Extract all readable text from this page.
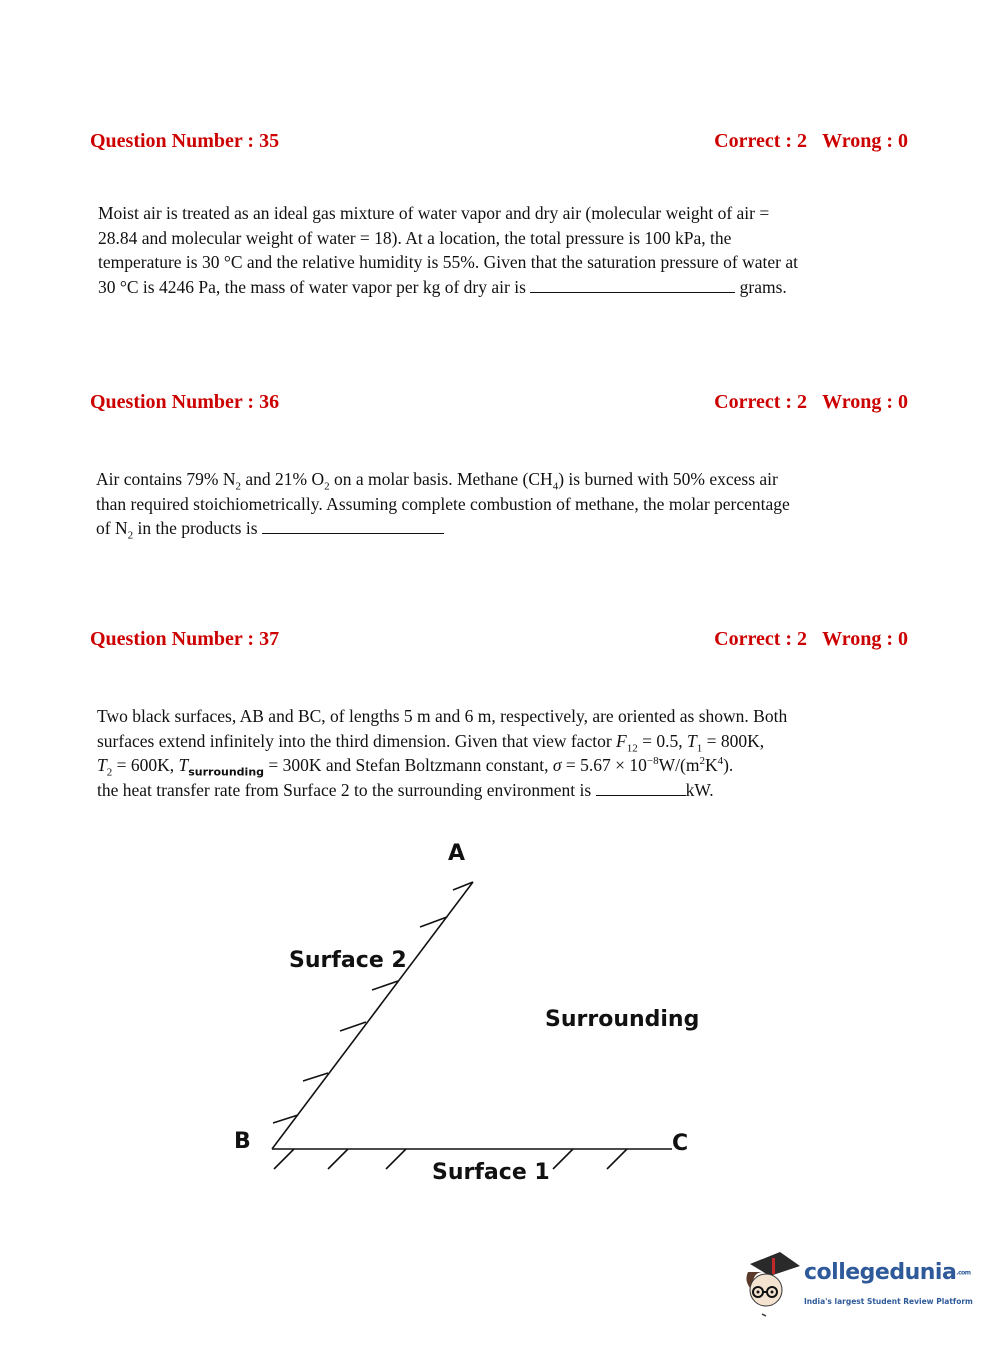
Question Number : 35	Correct : 2 Wrong : 0
Moist air is treated as an ideal gas mixture of water vapor and dry air (molecular weight of air =
28.84 and molecular weight of water = 18). At a location, the total pressure is 100 kPa, the
temperature is 30 °C and the relative humidity is 55%. Given that the saturation pressure of water at
30 °C is 4246 Pa, the mass of water vapor per kg of dry air is	grams.
Question Number : 36	Correct : 2 Wrong : 0
Air contains 79% $N_2$ and 21% $O_2$ on a molar basis. Methane $(CH_4)$ is burned with 50% excess air
than required stoichiometrically. Assuming complete combustion of methane, the molar percentage
of $N_2$ in the products is
Question Number : 37	Correct : 2 Wrong : 0
Two black surfaces, AB and BC, of lengths 5 m and 6 m, respectively, are oriented as shown. Both
surfaces extend infinitely into the third dimension. Given that view factor $F_{12} = 0.5$, $T_1 = 800K$,
$T_2 = 600K$, $T_{surrounding} = 300K$ and Stefan Boltzmann constant, $\sigma = 5.67 \times 10^{-8}W/(m^2K^4)$.
the heat transfer rate from Surface 2 to the surrounding environment is	kW.
A
B	C
Surface 2
Surrounding
Surface 1
collegedunia.com
India's largest Student Review Platform
